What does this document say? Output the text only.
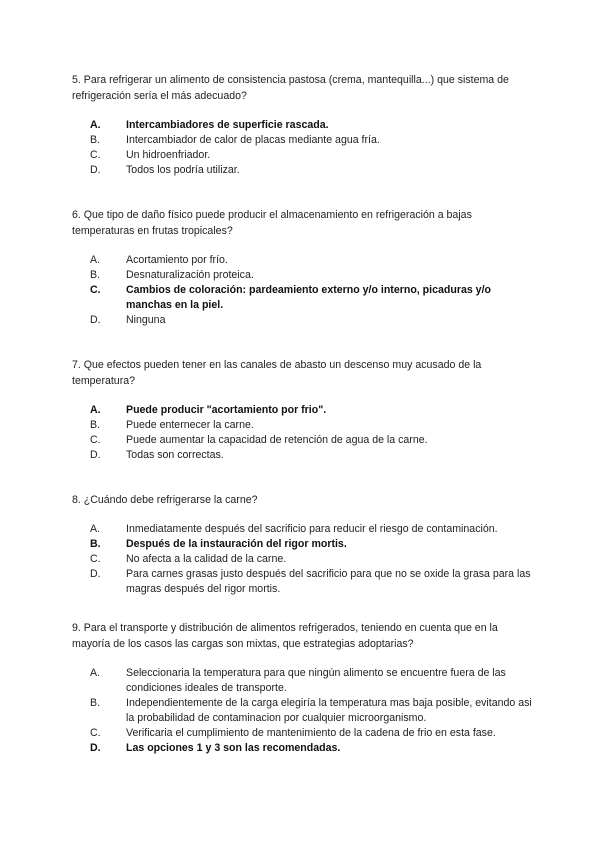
5. Para refrigerar un alimento de consistencia pastosa (crema, mantequilla...) que sistema de refrigeración sería el más adecuado?

A.	Intercambiadores de superficie rascada.
B.	Intercambiador de calor de placas mediante agua fría.
C.	Un hidroenfriador.
D.	Todos los podría utilizar.

6. Que tipo de daño físico puede producir el almacenamiento en refrigeración a bajas temperaturas en frutas tropicales?

A.	Acortamiento por frío.
B.	Desnaturalización proteica.
C.	Cambios de coloración: pardeamiento externo y/o interno, picaduras y/o manchas en la piel.
D.	Ninguna

7. Que efectos pueden tener en las canales de abasto un descenso muy acusado de la temperatura?

A.	Puede producir "acortamiento por frio".
B.	Puede enternecer la carne.
C.	Puede aumentar la capacidad de retención de agua de la carne.
D.	Todas son correctas.

8. ¿Cuándo debe refrigerarse la carne?

A.	Inmediatamente después del sacrificio para reducir el riesgo de contaminación.
B.	Después de la instauración del rigor mortis.
C.	No afecta a la calidad de la carne.
D.	Para carnes grasas justo después del sacrificio para que no se oxide la grasa para las magras después del rigor mortis.

9. Para el transporte y distribución de alimentos refrigerados, teniendo en cuenta que en la mayoría de los casos las cargas son mixtas, que estrategias adoptarias?

A.	Seleccionaria la temperatura para que ningún alimento se encuentre fuera de las condiciones ideales de transporte.
B.	Independientemente de la carga elegiría la temperatura mas baja posible, evitando asi la probabilidad de contaminacion por cualquier microorganismo.
C.	Verificaria el cumplimiento de mantenimiento de la cadena de frio en esta fase.
D.	Las opciones 1 y 3 son las recomendadas.
